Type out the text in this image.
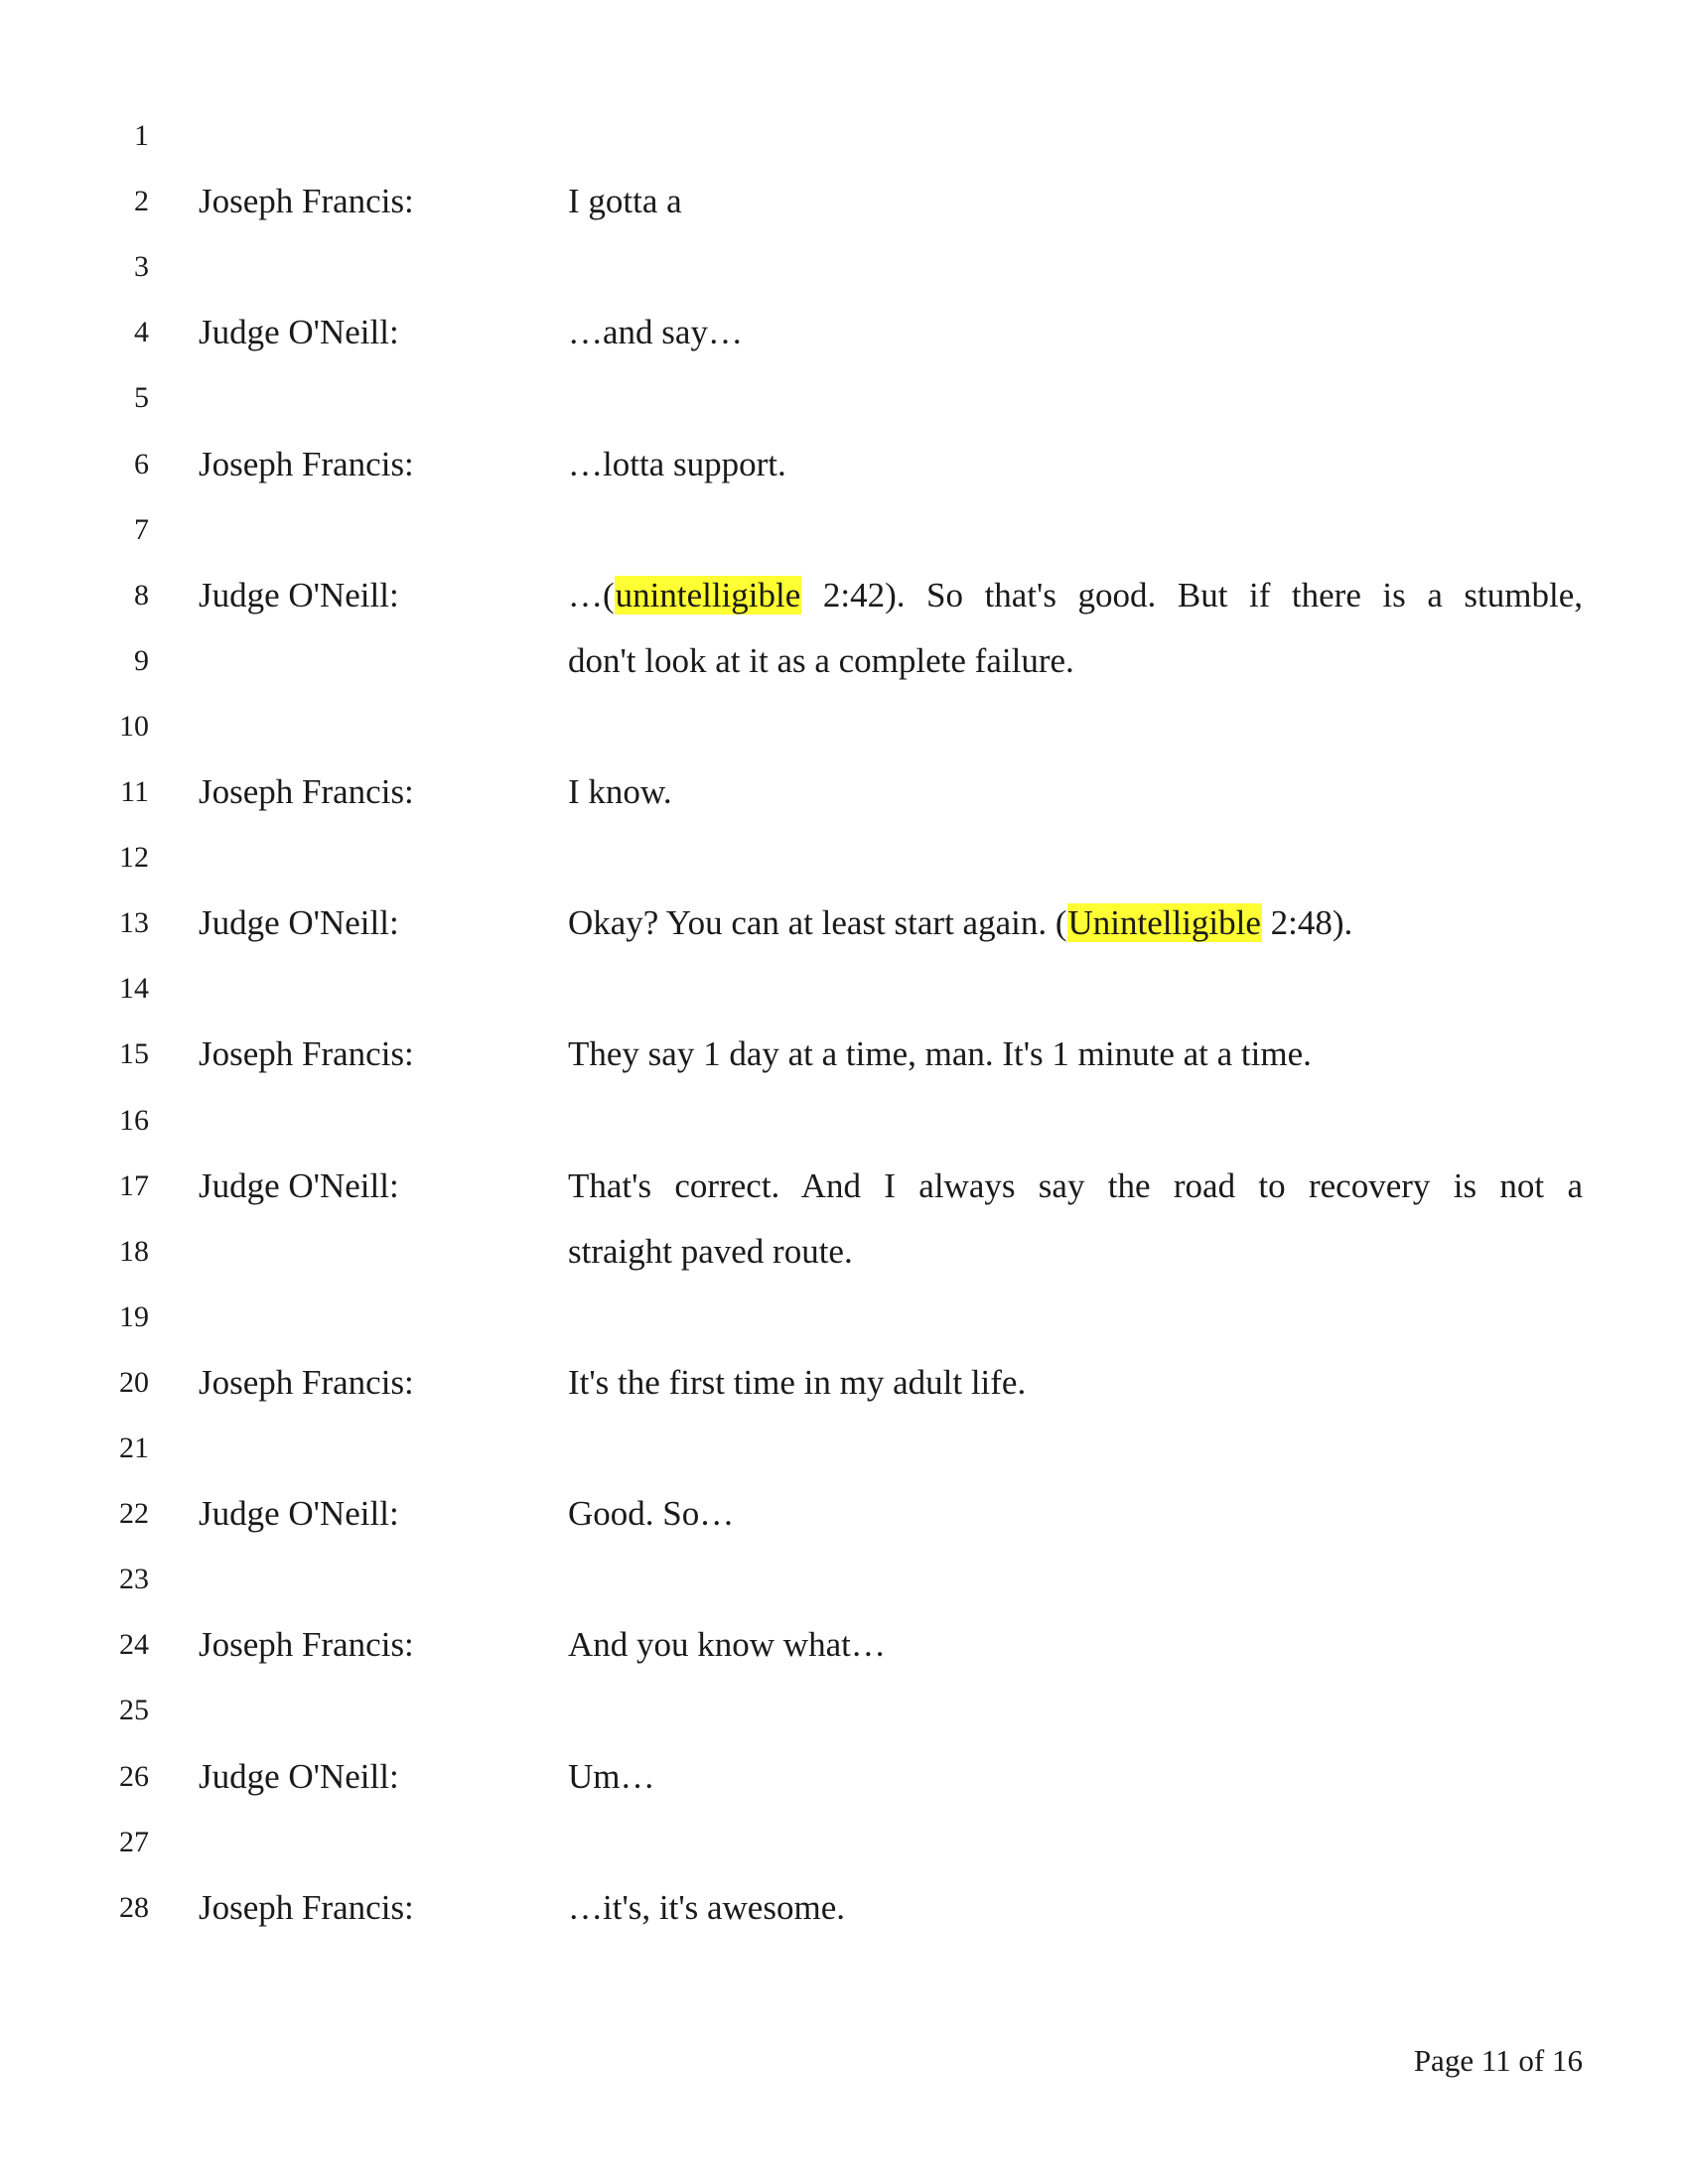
1
2 Joseph Francis:	I gotta a
3
4 Judge O'Neill:	…and say…
5
6 Joseph Francis:	…lotta support.
7
8 Judge O'Neill:	…(unintelligible 2:42). So that's good. But if there is a stumble,
9	don't look at it as a complete failure.
10
11 Joseph Francis:	I know.
12
13 Judge O'Neill:	Okay? You can at least start again. (Unintelligible 2:48).
14
15 Joseph Francis:	They say 1 day at a time, man. It's 1 minute at a time.
16
17 Judge O'Neill:	That's correct. And I always say the road to recovery is not a
18	straight paved route.
19
20 Joseph Francis:	It's the first time in my adult life.
21
22 Judge O'Neill:	Good. So…
23
24 Joseph Francis:	And you know what…
25
26 Judge O'Neill:	Um…
27
28 Joseph Francis:	…it's, it's awesome.
Page 11 of 16
